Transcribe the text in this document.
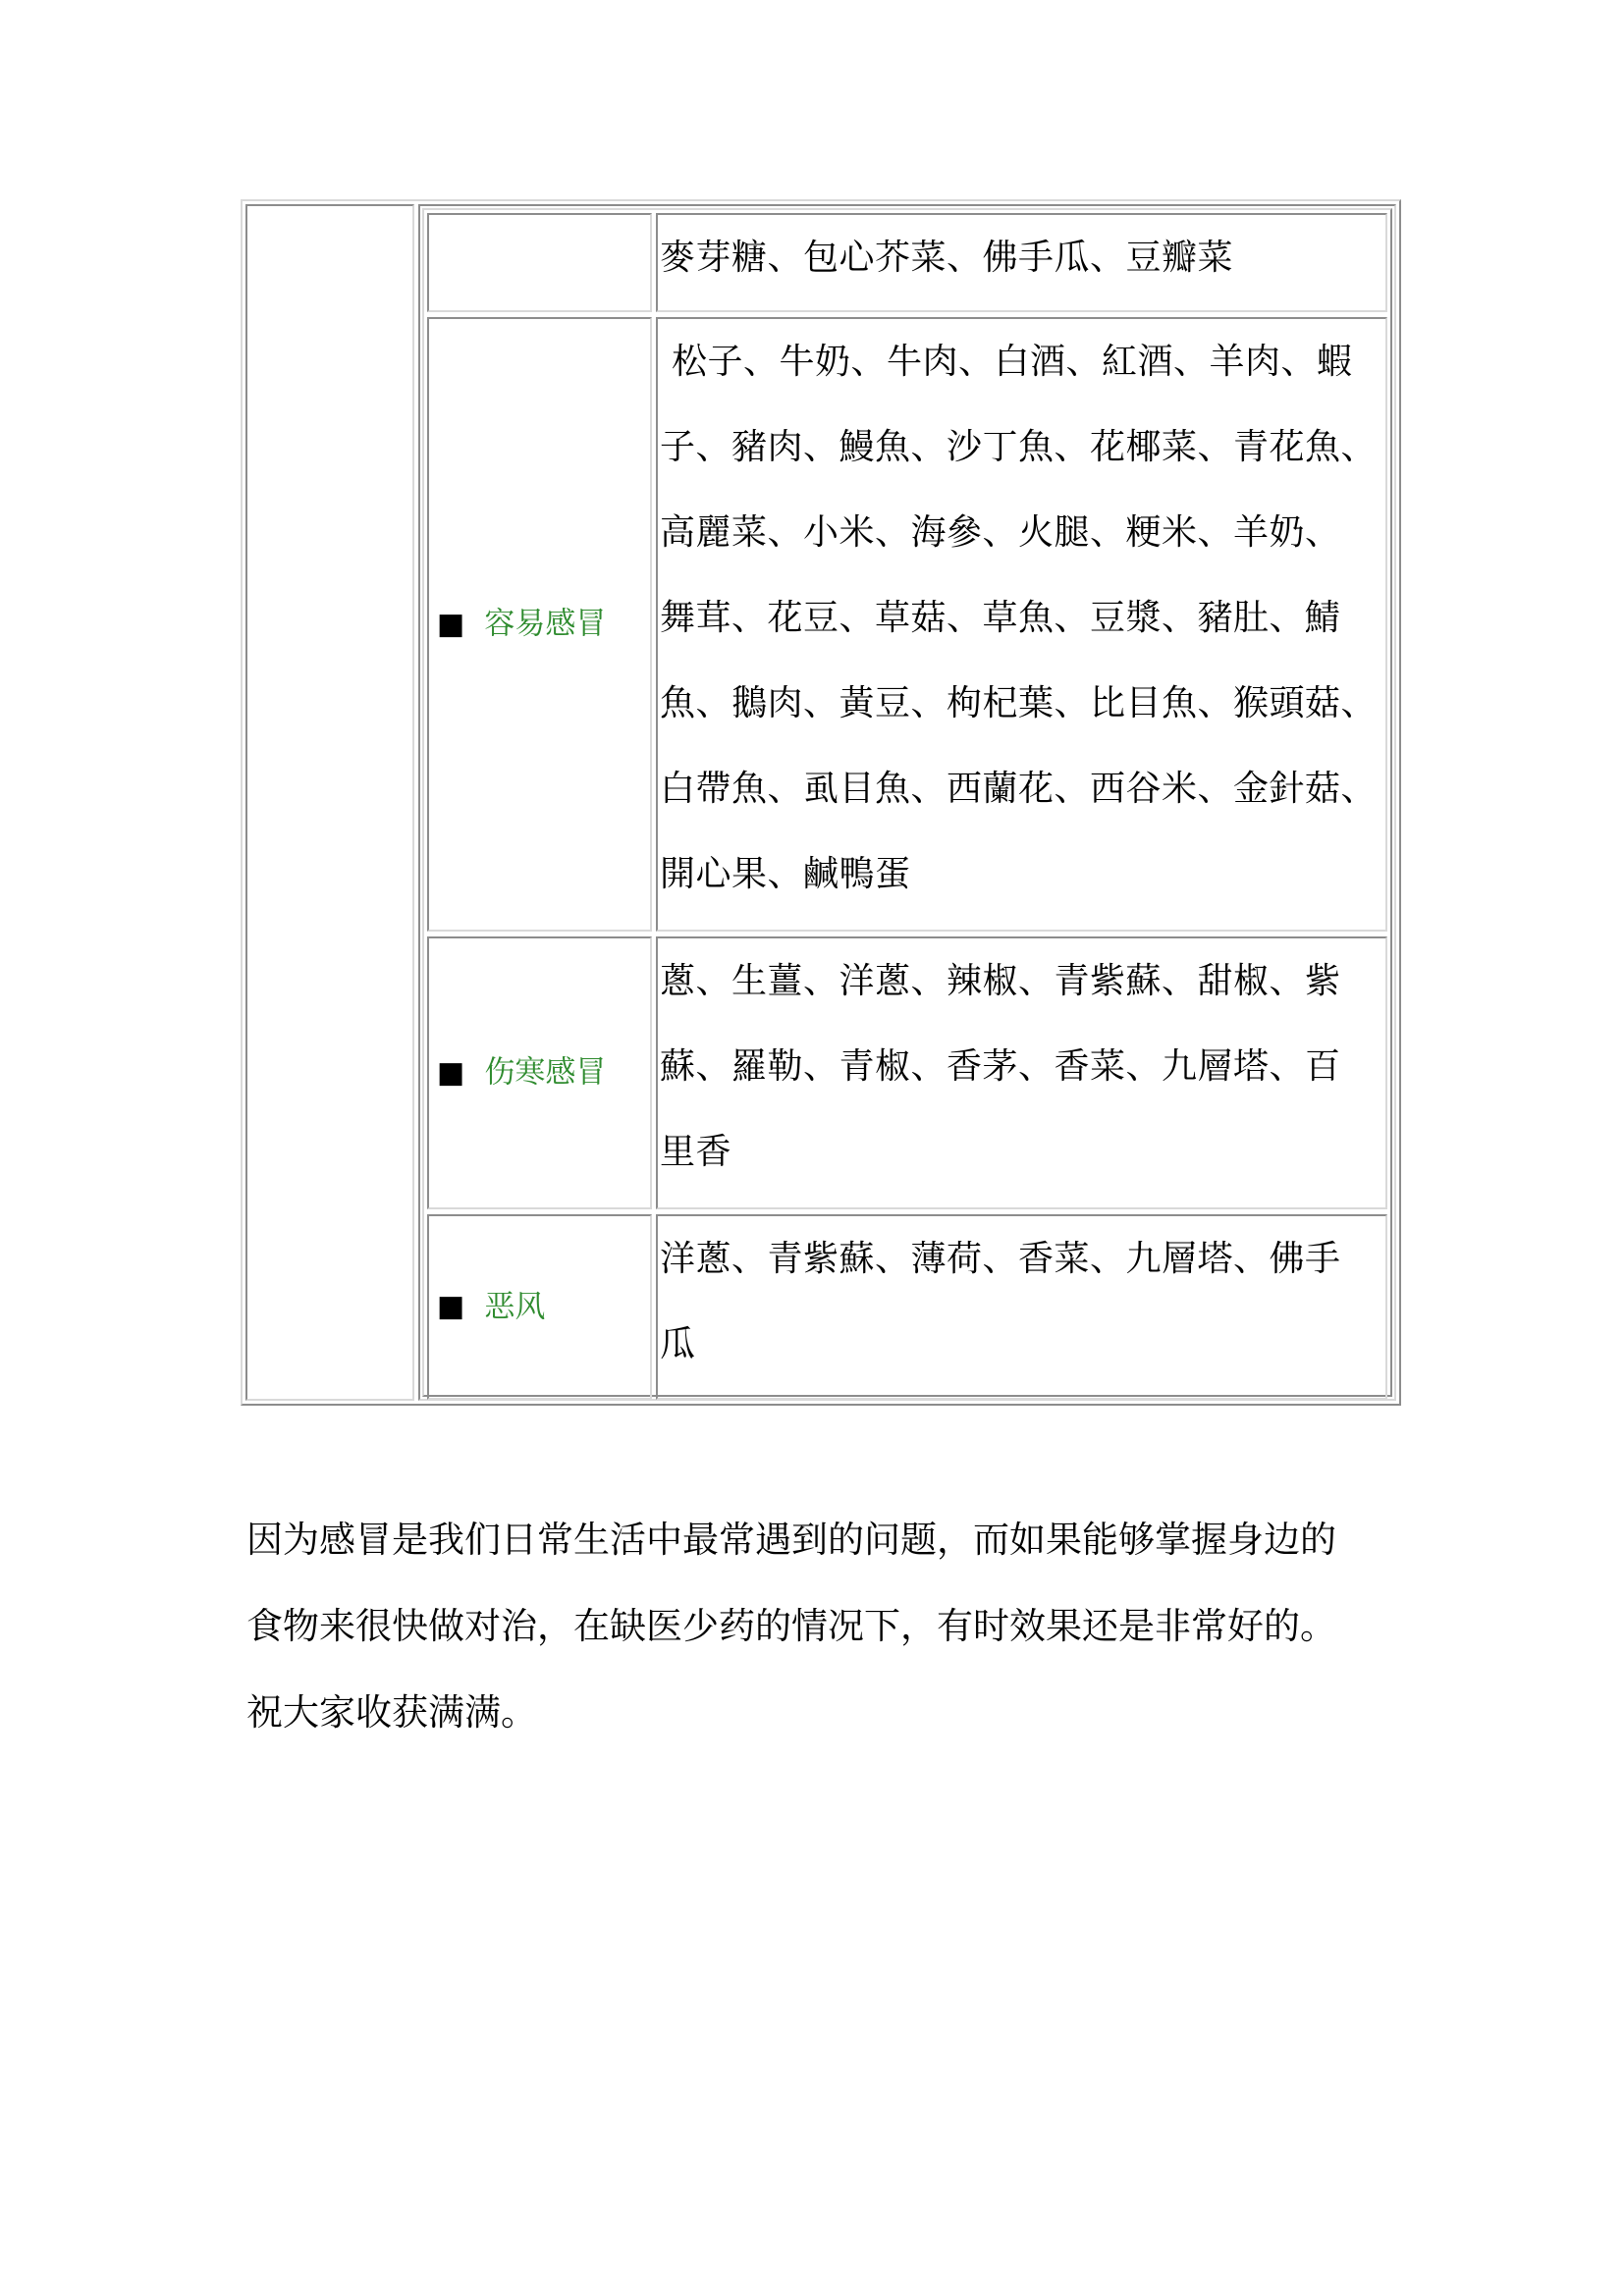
麥芽糖、包心芥菜、佛手瓜、豆瓣菜

■ 容易感冒

松子、牛奶、牛肉、白酒、紅酒、羊肉、蝦
子、豬肉、鰻魚、沙丁魚、花椰菜、青花魚、
高麗菜、小米、海參、火腿、粳米、羊奶、
舞茸、花豆、草菇、草魚、豆漿、豬肚、鯖
魚、鵝肉、黃豆、枸杞葉、比目魚、猴頭菇、
白帶魚、虱目魚、西蘭花、西谷米、金針菇、
開心果、鹹鴨蛋

■ 伤寒感冒

蔥、生薑、洋蔥、辣椒、青紫蘇、甜椒、紫
蘇、羅勒、青椒、香茅、香菜、九層塔、百
里香

■ 恶风

洋蔥、青紫蘇、薄荷、香菜、九層塔、佛手
瓜

因为感冒是我们日常生活中最常遇到的问题，而如果能够掌握身边的
食物来很快做对治，在缺医少药的情况下，有时效果还是非常好的。
祝大家收获满满。
